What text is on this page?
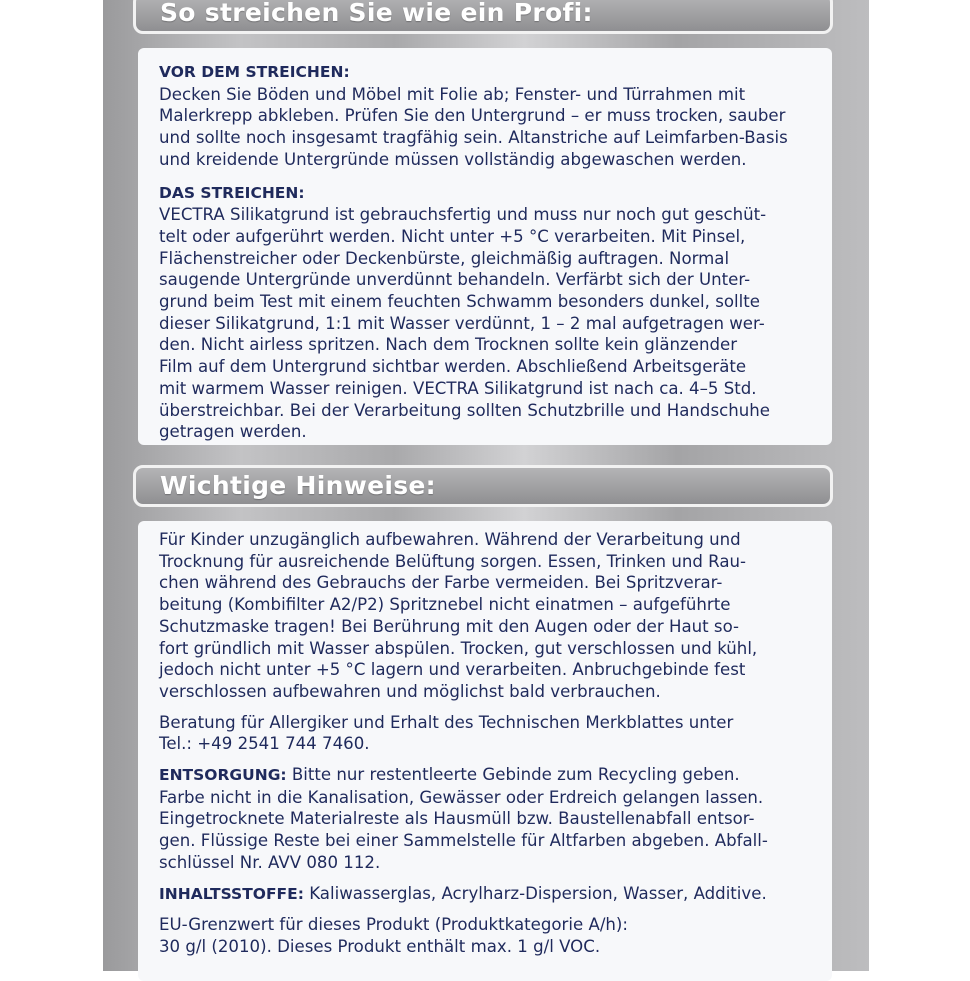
So streichen Sie wie ein Profi:
VOR DEM STREICHEN:
Decken Sie Böden und Möbel mit Folie ab; Fenster- und Türrahmen mit
Malerkrepp abkleben. Prüfen Sie den Untergrund – er muss trocken, sauber
und sollte noch insgesamt tragfähig sein. Altanstriche auf Leimfarben-Basis
und kreidende Untergründe müssen vollständig abgewaschen werden.
DAS STREICHEN:
VECTRA Silikatgrund ist gebrauchsfertig und muss nur noch gut geschüt-
telt oder aufgerührt werden. Nicht unter +5 °C verarbeiten. Mit Pinsel,
Flächenstreicher oder Deckenbürste, gleichmäßig auftragen. Normal
saugende Untergründe unverdünnt behandeln. Verfärbt sich der Unter-
grund beim Test mit einem feuchten Schwamm besonders dunkel, sollte
dieser Silikatgrund, 1:1 mit Wasser verdünnt, 1 – 2 mal aufgetragen wer-
den. Nicht airless spritzen. Nach dem Trocknen sollte kein glänzender
Film auf dem Untergrund sichtbar werden. Abschließend Arbeitsgeräte
mit warmem Wasser reinigen. VECTRA Silikatgrund ist nach ca. 4–5 Std.
überstreichbar. Bei der Verarbeitung sollten Schutzbrille und Handschuhe
getragen werden.
Wichtige Hinweise:
Für Kinder unzugänglich aufbewahren. Während der Verarbeitung und
Trocknung für ausreichende Belüftung sorgen. Essen, Trinken und Rau-
chen während des Gebrauchs der Farbe vermeiden. Bei Spritzverar-
beitung (Kombifilter A2/P2) Spritznebel nicht einatmen – aufgeführte
Schutzmaske tragen! Bei Berührung mit den Augen oder der Haut so-
fort gründlich mit Wasser abspülen. Trocken, gut verschlossen und kühl,
jedoch nicht unter +5 °C lagern und verarbeiten. Anbruchgebinde fest
verschlossen aufbewahren und möglichst bald verbrauchen.
Beratung für Allergiker und Erhalt des Technischen Merkblattes unter
Tel.: +49 2541 744 7460.
ENTSORGUNG: Bitte nur restentleerte Gebinde zum Recycling geben.
Farbe nicht in die Kanalisation, Gewässer oder Erdreich gelangen lassen.
Eingetrocknete Materialreste als Hausmüll bzw. Baustellenabfall entsor-
gen. Flüssige Reste bei einer Sammelstelle für Altfarben abgeben. Abfall-
schlüssel Nr. AVV 080 112.
INHALTSSTOFFE: Kaliwasserglas, Acrylharz-Dispersion, Wasser, Additive.
EU-Grenzwert für dieses Produkt (Produktkategorie A/h):
30 g/l (2010). Dieses Produkt enthält max. 1 g/l VOC.
